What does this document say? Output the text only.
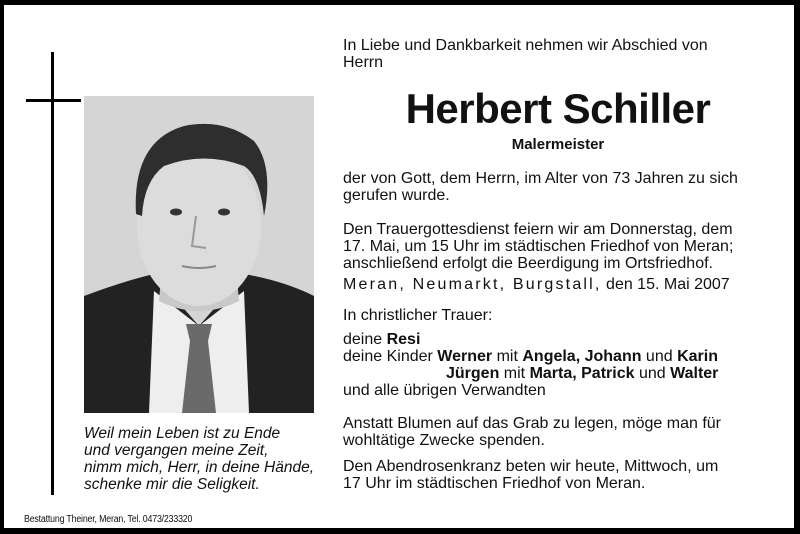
Weil mein Leben ist zu Ende
und vergangen meine Zeit,
nimm mich, Herr, in deine Hände,
schenke mir die Seligkeit.
Bestattung Theiner, Meran, Tel. 0473/233320
In Liebe und Dankbarkeit nehmen wir Abschied von
Herrn
Herbert Schiller
Malermeister
der von Gott, dem Herrn, im Alter von 73 Jahren zu sich
gerufen wurde.
Den Trauergottesdienst feiern wir am Donnerstag, dem
17. Mai, um 15 Uhr im städtischen Friedhof von Meran;
anschließend erfolgt die Beerdigung im Ortsfriedhof.
Meran, Neumarkt, Burgstall, den 15. Mai 2007
In christlicher Trauer:
deine Resi
deine Kinder Werner mit Angela, Johann und Karin
Jürgen mit Marta, Patrick und Walter
und alle übrigen Verwandten
Anstatt Blumen auf das Grab zu legen, möge man für
wohltätige Zwecke spenden.
Den Abendrosenkranz beten wir heute, Mittwoch, um
17 Uhr im städtischen Friedhof von Meran.
